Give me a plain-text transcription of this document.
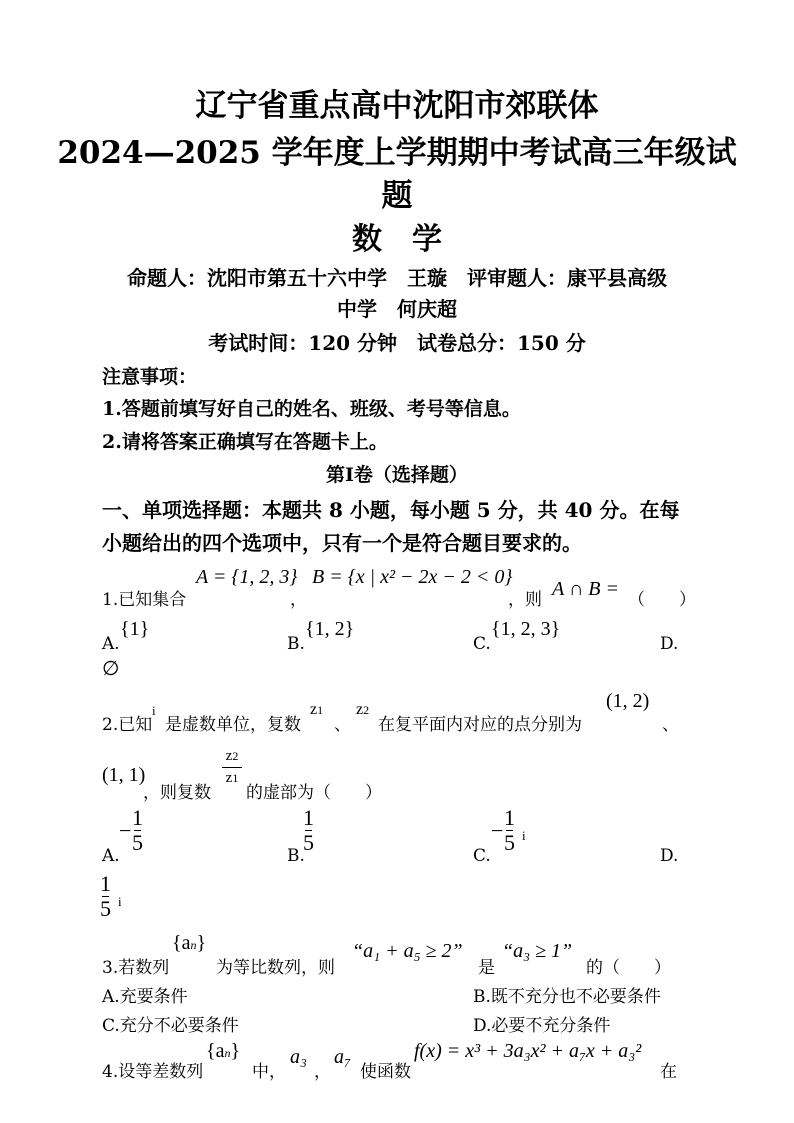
辽宁省重点高中沈阳市郊联体
2024—2025 学年度上学期期中考试高三年级试
题
数　学
命题人：沈阳市第五十六中学　王璇　评审题人：康平县高级
中学　何庆超
考试时间：120 分钟　试卷总分：150 分
注意事项：
1.答题前填写好自己的姓名、班级、考号等信息。
2.请将答案正确填写在答题卡上。
第Ⅰ卷（选择题）
一、单项选择题：本题共 8 小题，每小题 5 分，共 40 分。在每
小题给出的四个选项中，只有一个是符合题目要求的。
1.已知集合
A = {1, 2, 3}
，
B = {x | x² − 2x − 2 < 0}
，则 A ∩ B = （　　）
A.
{1}
B.
{1, 2}
C.
{1, 2, 3}
D.
∅
2.已知
i
是虚数单位，复数
z1
、
z2
在复平面内对应的点分别为
(1, 2)
、
(1, 1)
，则复数
z2
z1
的虚部为（　　）
A.
−
1
5
B.
1
5
C.
−
1
5 i
D.
1
5 i
3.若数列
{an}
为等比数列，则
“a₁ + a₅ ≥ 2”
是
“a₃ ≥ 1”
的（　　）
A.充要条件	B.既不充分也不必要条件
C.充分不必要条件	D.必要不充分条件
4.设等差数列
{an}
中，
a₃
，
a₇
使函数
f(x) = x³ + 3a₃x² + a₇x + a₃²
在
